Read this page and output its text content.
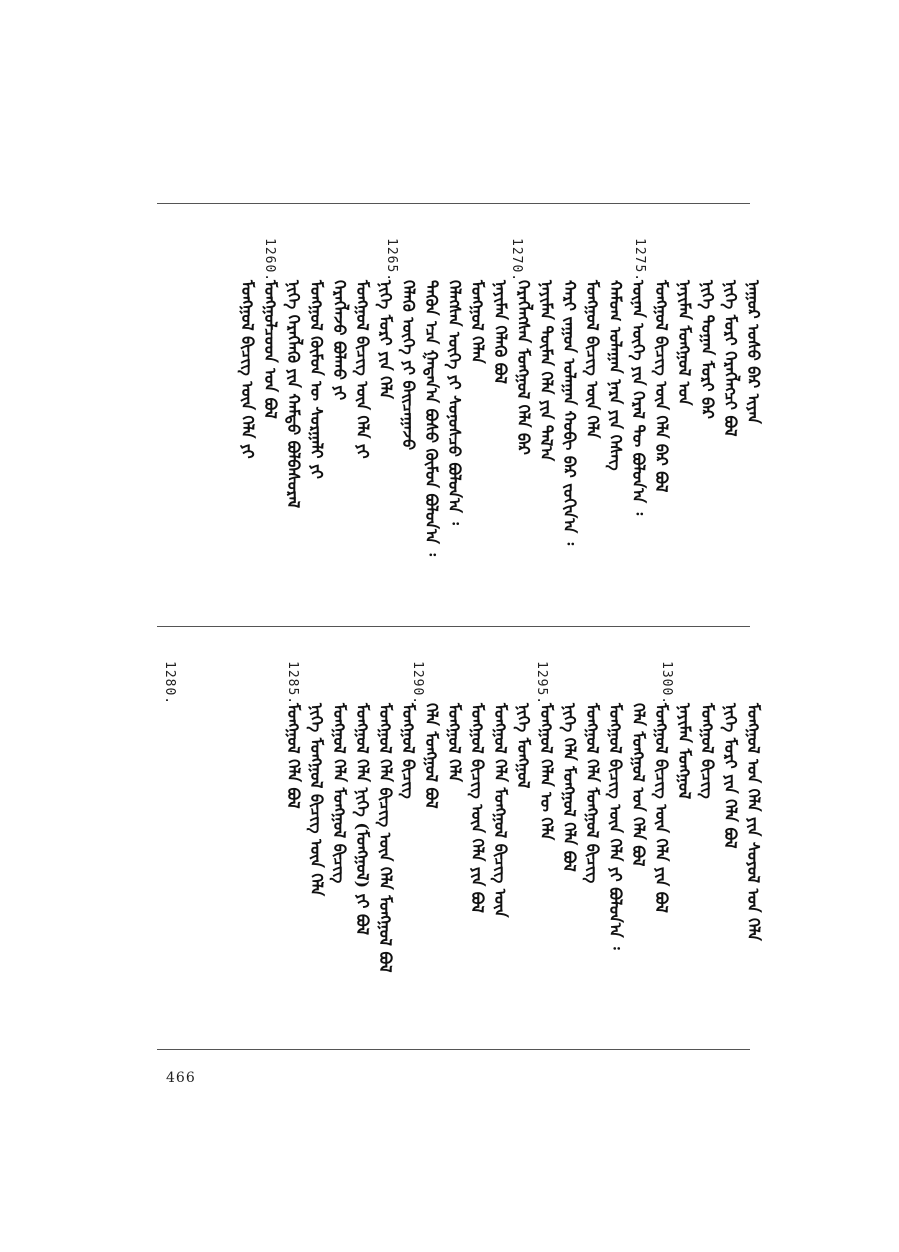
ᠨᠠᠭᠤᠷ ᠤᠰᠤ ᠪᠠᠷ ᠢᠶᠠᠨ
ᠨᠢᠭᠡ ᠮᠤᠷᠢ ᠬᠡᠷᠡᠭᠯᠡᠭᠴᠢ ᠪᠣᠯ
ᠨᠢᠭᠡ ᠲᠣᠭᠠᠨ ᠮᠤᠷᠢ ᠪᠠᠷ
ᠨᠠᠶᠢᠮᠠᠨ ᠮᠣᠩᠭᠣᠯ ᠤᠨ
ᠮᠣᠩᠭᠣᠯ ᠪᠢᠴᠢᠭ ᠦᠨ ᠬᠡᠯᠡ ᠪᠠᠷ ᠪᠣᠯ
ᠦᠨᠡᠨ ᠦᠭᠡ ᠶᠢᠨ ᠭᠡᠷᠡᠯ ᠲᠦ ᠪᠣᠯᠤᠨ᠎ᠠ ᠄
ᠬᠠᠮᠤᠭ ᠤᠯᠠᠭᠠᠨ ᠨᠠᠷᠠ ᠶᠢᠨ ᠬᠡᠰᠡᠭ
ᠮᠣᠩᠭᠣᠯ ᠪᠢᠴᠢᠭ ᠦᠨ ᠬᠡᠯᠡ
ᠬᠠᠷᠢ ᠵᠠᠭᠤᠨ ᠤᠯᠠᠭᠠᠨ ᠬᠤᠪᠢ ᠪᠠᠷ ᠵᠣᠬᠢᠨ᠎ᠠ ᠄
ᠨᠠᠶᠢᠮᠠᠨ ᠲᠦᠮᠡᠨ ᠬᠡᠯᠡ ᠶᠢᠨ ᠲᠠᠯ᠎ᠠ
ᠬᠡᠷᠡᠭᠯᠡᠭᠰᠡᠨ ᠮᠣᠩᠭᠣᠯ ᠬᠡᠯᠡ ᠪᠡᠷ
ᠨᠠᠶᠢᠮᠠᠨ ᠬᠡᠯᠡᠬᠦ ᠪᠣᠯ
ᠮᠣᠩᠭᠣᠯ ᠬᠡᠯᠡᠨ
ᠬᠡᠯᠡᠭᠰᠡᠨ ᠦᠭᠡ ᠶᠢ ᠰᠣᠨᠣᠰᠴᠤ ᠪᠣᠯᠤᠨ᠎ᠠ ᠄
ᠲᠡᠭᠦᠨ ᠡᠴᠡ ᠭᠠᠳᠠᠨ᠎ᠠ ᠪᠣᠰᠤ ᠬᠦᠮᠦᠨ ᠪᠣᠯᠤᠨ᠎ᠠ ᠄
ᠬᠡᠯᠡᠬᠦ ᠦᠭᠡ ᠶᠢ ᠪᠠᠢ᠌ᠴᠠᠭᠠᠵᠤ
ᠨᠢᠭᠡ ᠮᠣᠷᠢ ᠶᠢᠨ ᠬᠡᠯᠡ
ᠮᠣᠩᠭᠣᠯ ᠪᠢᠴᠢᠭ ᠦᠨ ᠬᠡᠯᠡ ᠶᠢ
ᠬᠡᠷᠡᠭᠯᠡᠵᠦ ᠪᠣᠯᠬᠤ ᠶᠢ
ᠮᠣᠩᠭᠣᠯ ᠬᠦᠮᠦᠨ ᠦ ᠰᠤᠷᠭᠠᠯᠢ ᠶᠢ
ᠨᠢᠭᠡ ᠬᠡᠷᠡᠭᠯᠡᠬᠦ ᠶᠢᠨ ᠬᠠᠮᠲᠤ ᠪᠣᠯᠪᠠᠰᠤᠷᠠᠯ
ᠮᠣᠩᠭᠣᠯᠴᠤᠳ ᠤᠨ ᠪᠣᠯ
ᠮᠣᠩᠭᠣᠯ ᠪᠢᠴᠢᠭ ᠦᠨ ᠬᠡᠯᠡ ᠶᠢ
1275.
1270.
1265.
1260.
ᠮᠣᠩᠭᠣᠯ ᠤᠨ ᠬᠡᠯᠡ ᠶᠢᠨ ᠰᠣᠶᠣᠯ ᠤᠨ ᠬᠡᠯᠡ
ᠨᠢᠭᠡ ᠮᠣᠷᠢ ᠶᠢᠨ ᠬᠡᠯᠡ ᠪᠣᠯ
ᠮᠣᠩᠭᠣᠯ ᠪᠢᠴᠢᠭ
ᠨᠠᠶᠢᠮᠠᠨ ᠮᠣᠩᠭᠣᠯ
ᠮᠣᠩᠭᠣᠯ ᠪᠢᠴᠢᠭ ᠦᠨ ᠬᠡᠯᠡ ᠶᠢᠨ ᠪᠣᠯ
ᠬᠡᠯᠡ ᠮᠣᠩᠭᠣᠯ ᠤᠨ ᠬᠡᠯᠡ ᠪᠣᠯ
ᠮᠣᠩᠭᠣᠯ ᠪᠢᠴᠢᠭ ᠦᠨ ᠬᠡᠯᠡ ᠶᠢ ᠪᠣᠯᠤᠨ᠎ᠠ ᠄
ᠮᠣᠩᠭᠣᠯ ᠬᠡᠯᠡ ᠮᠣᠩᠭᠣᠯ ᠪᠢᠴᠢᠭ
ᠨᠢᠭᠡ ᠬᠡᠯᠡ ᠮᠣᠩᠭᠣᠯ ᠬᠡᠯᠡ ᠪᠣᠯ
ᠮᠣᠩᠭᠣᠯ ᠬᠡᠯᠡᠨ ᠦ ᠬᠡᠯᠡ
ᠨᠢᠭᠡ ᠮᠣᠩᠭᠣᠯ
ᠮᠣᠩᠭᠣᠯ ᠬᠡᠯᠡ ᠮᠣᠩᠭᠣᠯ ᠪᠢᠴᠢᠭ ᠦᠨ
ᠮᠣᠩᠭᠣᠯ ᠪᠢᠴᠢᠭ ᠦᠨ ᠬᠡᠯᠡ ᠶᠢᠨ ᠪᠣᠯ
ᠮᠣᠩᠭᠣᠯ ᠬᠡᠯᠡ
ᠬᠡᠯᠡ ᠮᠣᠩᠭᠣᠯ ᠪᠣᠯ
ᠮᠣᠩᠭᠣᠯ ᠪᠢᠴᠢᠭ
ᠮᠣᠩᠭᠣᠯ ᠬᠡᠯᠡ ᠪᠢᠴᠢᠭ ᠦᠨ ᠬᠡᠯᠡ ᠮᠣᠩᠭᠣᠯ ᠪᠣᠯ
ᠮᠣᠩᠭᠣᠯ ᠬᠡᠯᠡ ᠨᠢᠭᠡ (ᠮᠣᠩᠭᠣᠯ) ᠶᠢ ᠪᠣᠯ
ᠮᠣᠩᠭᠣᠯ ᠬᠡᠯᠡ ᠮᠣᠩᠭᠣᠯ ᠪᠢᠴᠢᠭ
ᠨᠢᠭᠡ ᠮᠣᠩᠭᠣᠯ ᠪᠢᠴᠢᠭ ᠦᠨ ᠬᠡᠯᠡ
ᠮᠣᠩᠭᠣᠯ ᠬᠡᠯᠡ ᠪᠣᠯ
1300.
1295.
1290.
1285.
1280.
466
